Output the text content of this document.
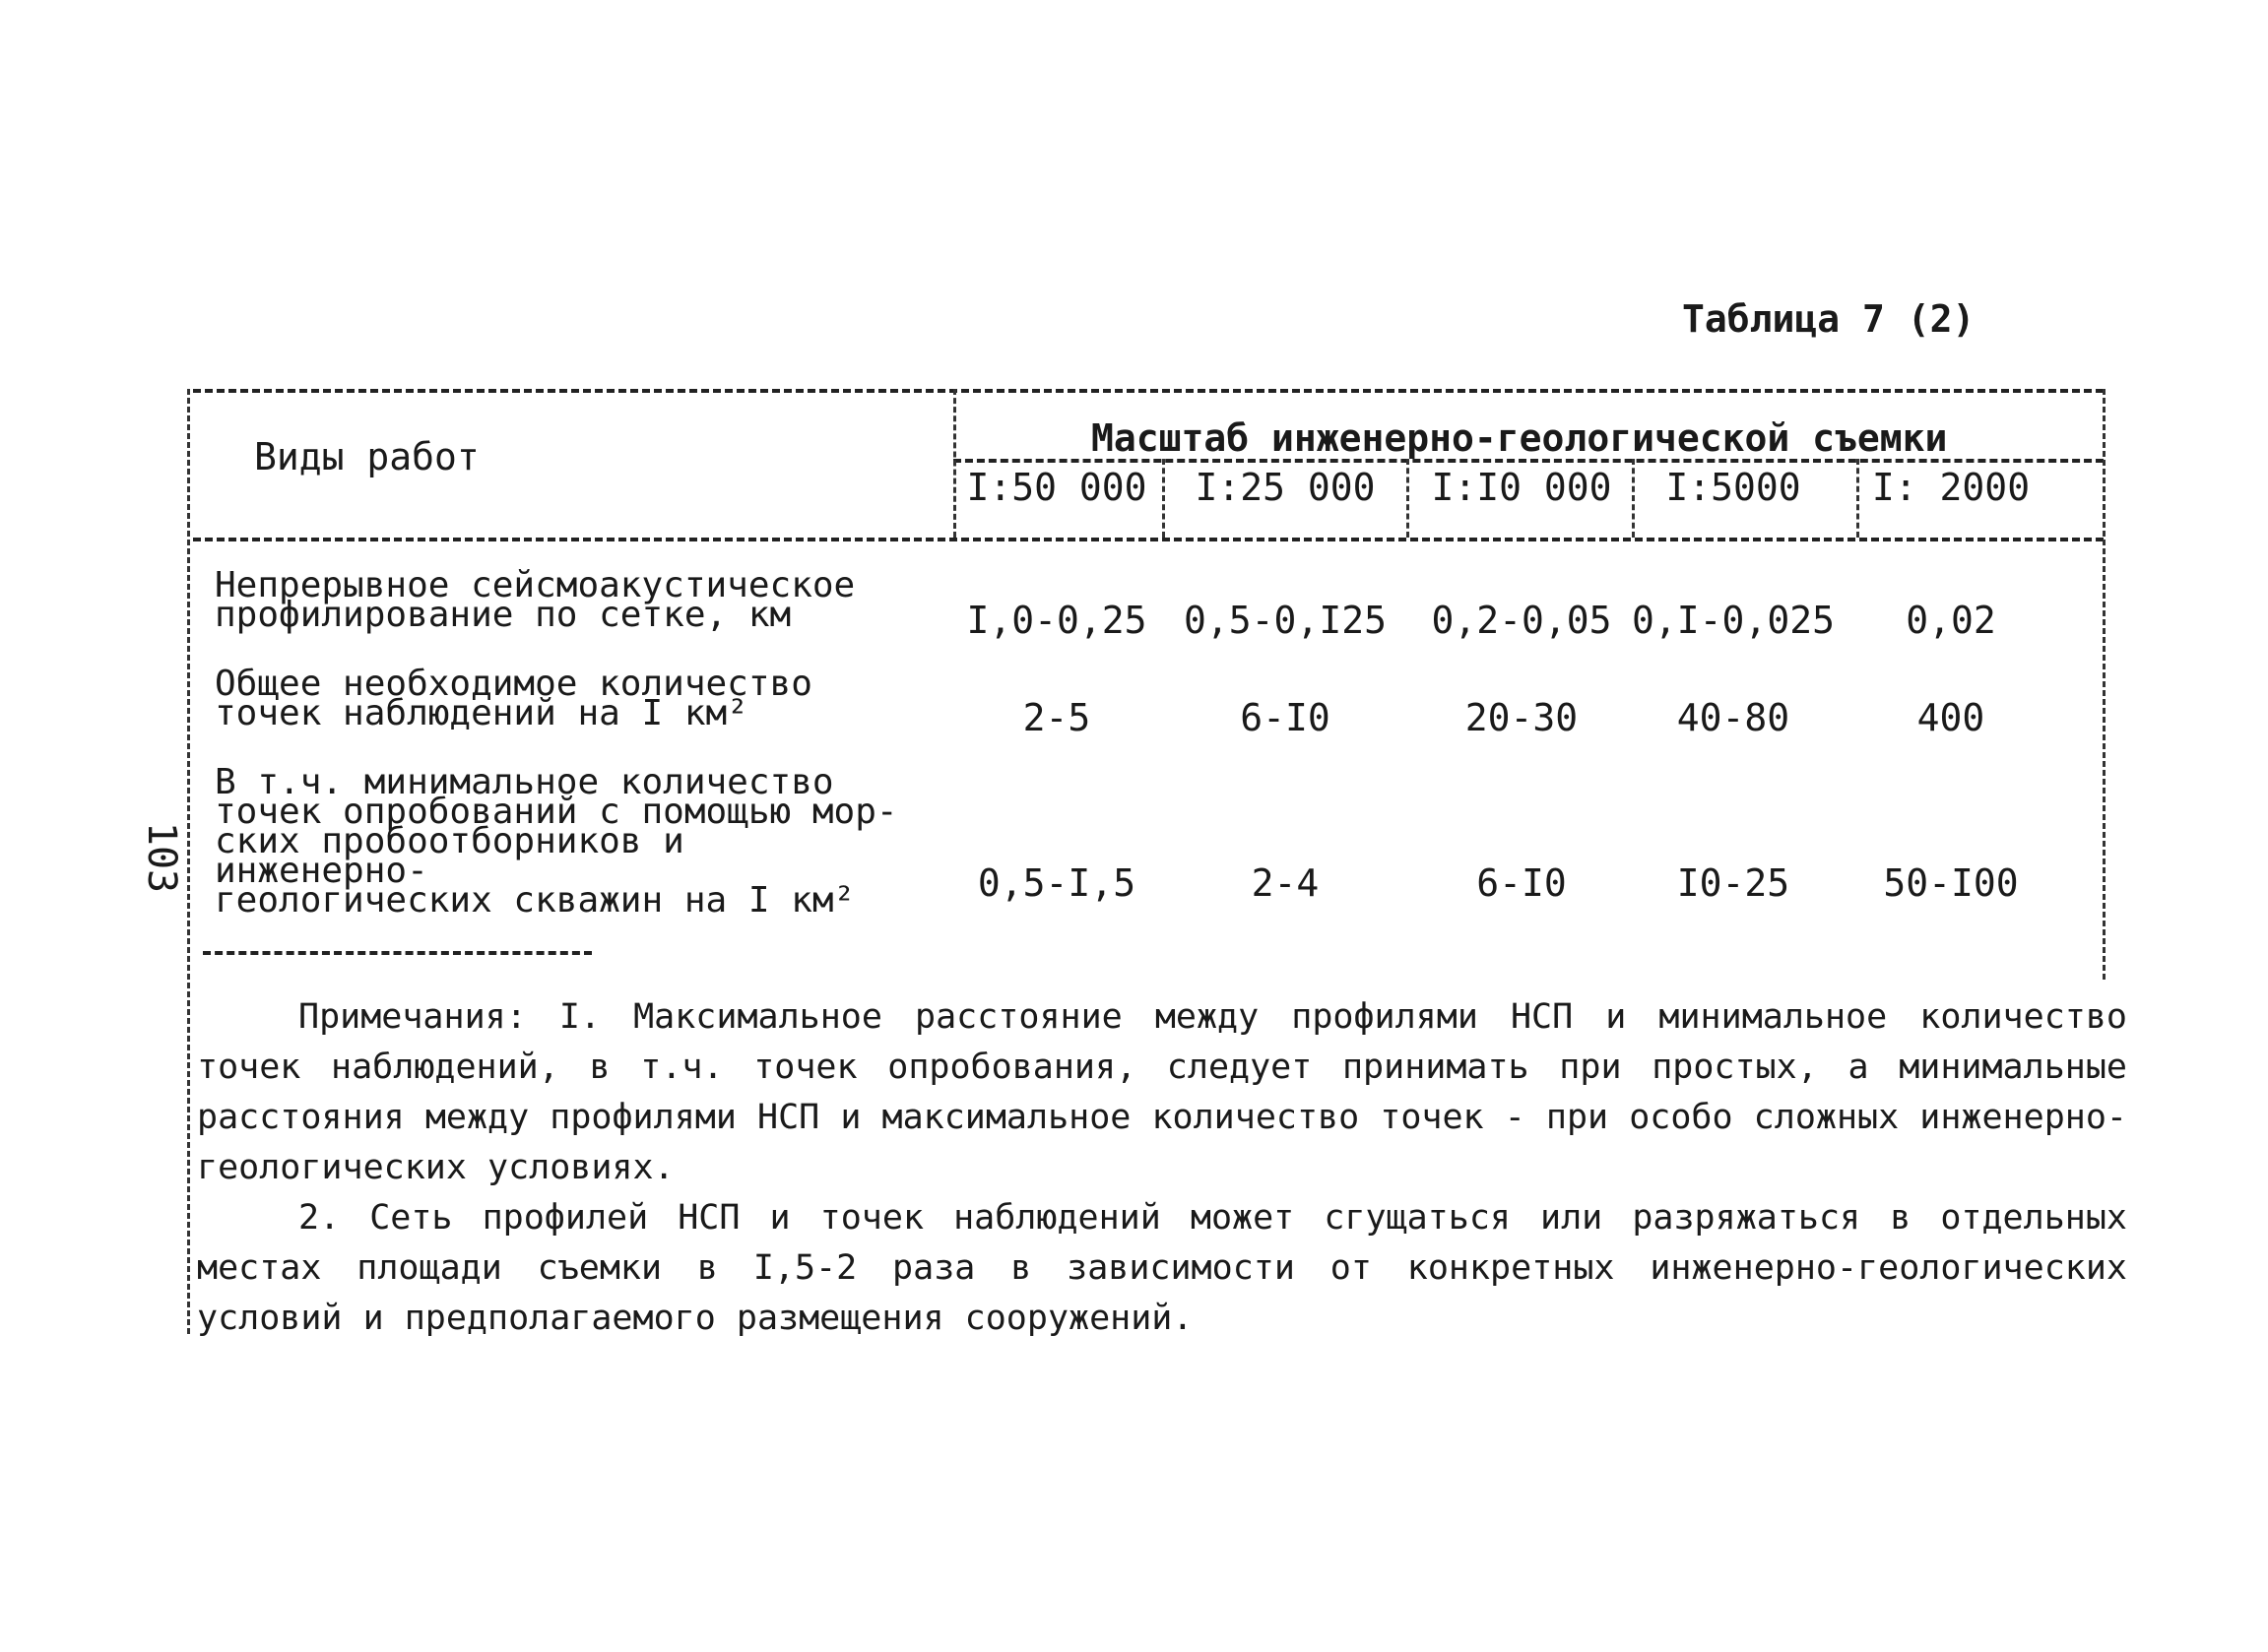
Таблица 7 (2)
103
Виды работ	Масштаб инженерно-геологической съемки
I:50 000	I:25 000	I:I0 000	I:5000	I: 2000
Непрерывное сейсмоакустическое
профилирование по сетке, км	I,0-0,25 0,5-0,I25	0,2-0,05 0,I-0,025	0,02
Общее необходимое количество
точек наблюдений на I км²	2-5	6-I0	20-30	40-80	400
В т.ч. минимальное количество
точек опробований с помощью мор-
ских пробоотборников и инженерно-
геологических скважин на I км²	0,5-I,5	2-4	6-I0	I0-25	50-I00

Примечания: I. Максимальное расстояние между профилями НСП и минимальное количество точек наблюдений, в т.ч. точек опробования, следует принимать при простых, а минимальные расстояния между профилями НСП и максимальное количество точек - при особо сложных инженерно-геологических условиях.

2. Сеть профилей НСП и точек наблюдений может сгущаться или разряжаться в отдельных местах площади съемки в I,5-2 раза в зависимости от конкретных инженерно-геологических условий и предполагаемого размещения сооружений.
